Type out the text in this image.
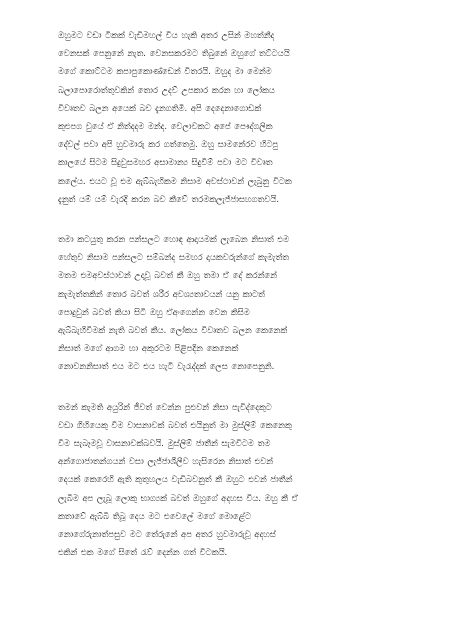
ඔහුමට වඩා ටිකක් වැඩිමහල් විය හැකි අතර උසින් මහත්නීද
වෙනසක් පෙනුනේ නැත. වෙනසකරමට තිබුනේ ඔහුගේ තට්ටයයි
මගේ කොට්ටම කපාපුකොණ්ඩෙන් විතරයි. ඔහුද මා මෙන්ම
බලාපොරොත්තුවකින් තොර උදව් උපකාර කරන හා ලෝකය
විවෘතව බලන අයෙක් බව දැනගතිමි. අපි දෙදෙනාගොඩක්
කුළුපග වුයේ ඒ නිත්දදම මන්ද. වෙලාවකට අපේ පෞද්ගලික
දේවල් පවා අපි හුවමාරු කර ගත්තෙමු. ඔහු සාමනේරව හිටපු
කාලයේ සිටම සිදුවුසමහර අසාමාන්‍ය සිදුවීම් පවා මට විවෘත
කලේය. එයට වූ එම ඇබ්බැහිකම නිසාම අවස්ථාවන් ලැබුනු විටක
දැනුත් යම් යම් වැරදි කරන බව කීවේ තරමකලැජ්ජාසහගතවයි.
තමා කටයුතු කරන පන්සලට හොඳ ආදායමක් ලැබෙන නිසාත් එම
හේතුව නිසාම පන්සලට සම්බන්ද සමහර දායකවරුන්ගේ කැමැත්ත
මතම එමඅවස්ථාවන් උදාවූ බවත් කී ඔහු තමා ඒ දේ කරන්නේ
කැමැත්තකින් තොර බවත් ශරීර අවශ්‍යතාවයන් යනු කාටත්
පොදුවුන් බවත් කියා සිටි ඔහු ඒඅංගෙන්න වෙන කිසිම
ඇබ්බැහිවීමක් නැති බවත් කීය. ලෝකය විවෘතව බලන කෙනෙක්
නිසාත් මගේ ආගම හා අකුරටම පිළිපදින කෙනෙක්
නොවනනිසාත් එය මට එය හැටි වැරැද්දක් ලෙස නොපෙනුනි.
තමන් කැමති අයුරින් ජීවත් වෙන්න පුළුවන් නිසා පැවිද්දෙකුට
වඩා ගිහියෙකු වීම වාසනාවක් බවත් එයිනුත් මා මුස්ලිම් කෙනෙකු
වීම සැබෑමවූ වාසනාවක්බවයි. මුස්ලිම් ජාතීන් සැමවිටම තම
අන්ගොජාතන්ගයන් වසා ලැජ්ජාශීලීව හැසිරෙන නිසාත් එවන්
දෙයක් කෙරෙහි ඇති කුතුහලය වැඩිබවනුත් කී ඔහුට එවන් ජාතීන්
ලැබීම අප ලැබූ ලොකු භාග්‍යක් බවත් ඔහුගේ අදහස විය. ඔහු කී ඒ
කතාවේ ඇබ්බී තිබූ දෙය මට එවෙලේ මගේ මොළේට
නොගේරුනාත්පසුව මට තේරුනේ අප අතර හුවමාරුවූ අදහස්
එකින් එක මගේ සිතේ රැව් දෙන්න ගත් විටකයි.
